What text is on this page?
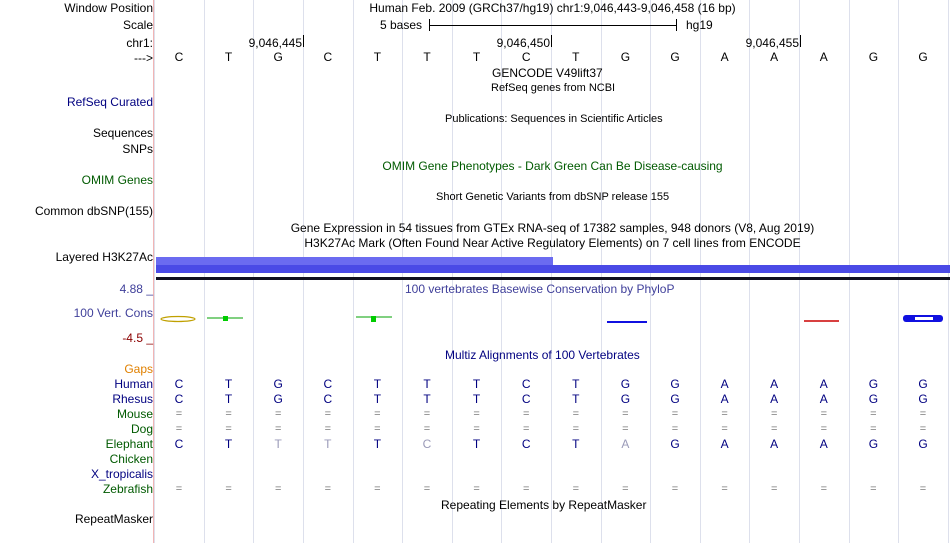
Window Position	Human Feb. 2009 (GRCh37/hg19) chr1:9,046,443-9,046,458 (16 bp)
Scale	5 bases	hg19
chr1:	9,046,445	9,046,450	9,046,455
--->	C	T	G	C	T	T	T	C	T	G	G	A	A	A	G	G
GENCODE V49lift37
RefSeq genes from NCBI
RefSeq Curated
Publications: Sequences in Scientific Articles
Sequences
SNPs
OMIM Gene Phenotypes - Dark Green Can Be Disease-causing
OMIM Genes
Short Genetic Variants from dbSNP release 155
Common dbSNP(155)
Gene Expression in 54 tissues from GTEx RNA-seq of 17382 samples, 948 donors (V8, Aug 2019)
H3K27Ac Mark (Often Found Near Active Regulatory Elements) on 7 cell lines from ENCODE
Layered H3K27Ac
4.88 _	100 vertebrates Basewise Conservation by PhyloP
100 Vert. Cons
-4.5 _
Multiz Alignments of 100 Vertebrates
Gaps
Human	C	T	G	C	T	T	T	C	T	G	G	A	A	A	G	G
Rhesus	C	T	G	C	T	T	T	C	T	G	G	A	A	A	G	G
Mouse	=	=	=	=	=	=	=	=	=	=	=	=	=	=	=	=
Dog	=	=	=	=	=	=	=	=	=	=	=	=	=	=	=	=
Elephant	C	T	T	T	T	C	T	C	T	A	G	A	A	A	G	G
Chicken
X_tropicalis
Zebrafish	=	=	=	=	=	=	=	=	=	=	=	=	=	=	=	=
Repeating Elements by RepeatMasker
RepeatMasker
